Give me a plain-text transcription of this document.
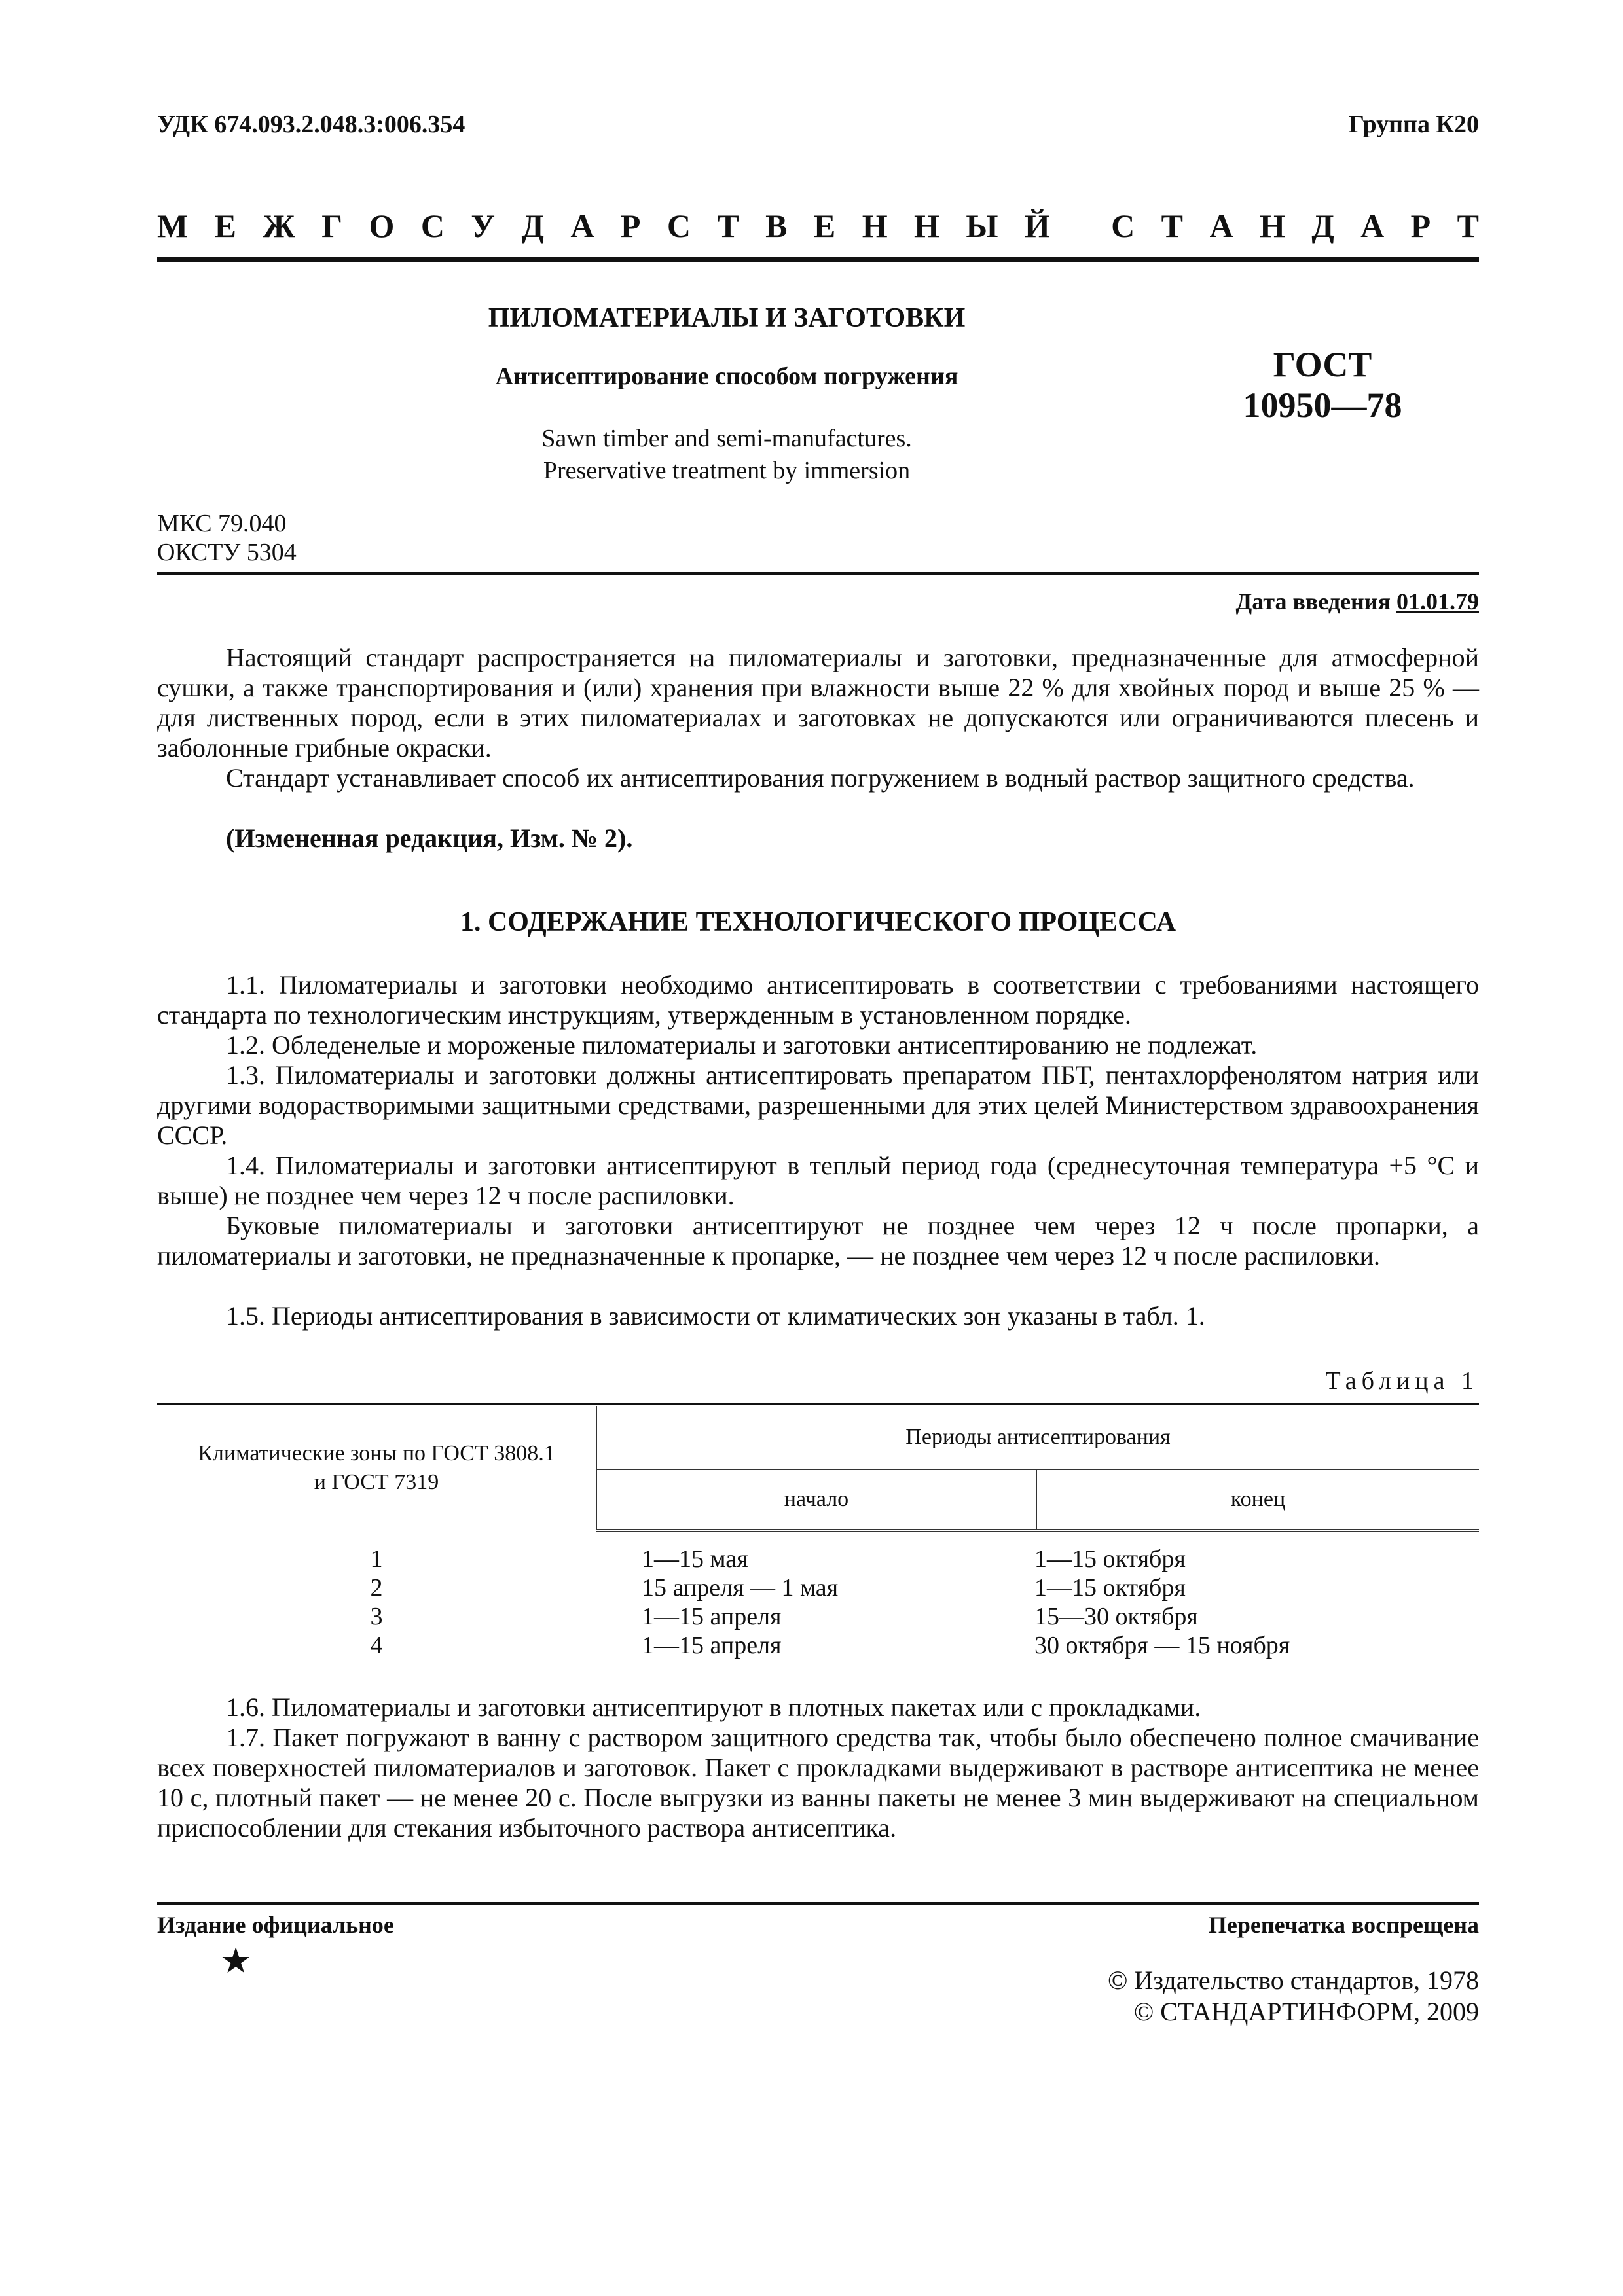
УДК 674.093.2.048.3:006.354	Группа К20
М Е Ж Г О С У Д А Р С Т В Е Н Н Ы Й
С Т А Н Д А Р Т
ПИЛОМАТЕРИАЛЫ И ЗАГОТОВКИ
Антисептирование способом погружения
Sawn timber and semi-manufactures.
Preservative treatment by immersion
ГОСТ
10950—78
МКС 79.040
ОКСТУ 5304
Дата введения 01.01.79

Настоящий стандарт распространяется на пиломатериалы и заготовки, предназначенные для атмосферной сушки, а также транспортирования и (или) хранения при влажности выше 22 % для хвойных пород и выше 25 % — для лиственных пород, если в этих пиломатериалах и заготовках не допускаются или ограничиваются плесень и заболонные грибные окраски.

Стандарт устанавливает способ их антисептирования погружением в водный раствор защитного средства.

(Измененная редакция, Изм. № 2).

1. СОДЕРЖАНИЕ ТЕХНОЛОГИЧЕСКОГО ПРОЦЕССА

1.1. Пиломатериалы и заготовки необходимо антисептировать в соответствии с требованиями настоящего стандарта по технологическим инструкциям, утвержденным в установленном порядке.

1.2. Обледенелые и мороженые пиломатериалы и заготовки антисептированию не подлежат.

1.3. Пиломатериалы и заготовки должны антисептировать препаратом ПБТ, пентахлорфенолятом натрия или другими водорастворимыми защитными средствами, разрешенными для этих целей Министерством здравоохранения СССР.

1.4. Пиломатериалы и заготовки антисептируют в теплый период года (среднесуточная температура +5 °С и выше) не позднее чем через 12 ч после распиловки.

Буковые пиломатериалы и заготовки антисептируют не позднее чем через 12 ч после пропарки, а пиломатериалы и заготовки, не предназначенные к пропарке, — не позднее чем через 12 ч после распиловки.

1.5. Периоды антисептирования в зависимости от климатических зон указаны в табл. 1.

Таблица 1
Климатические зоны по ГОСТ 3808.1
и ГОСТ 7319	Периоды антисептирования	
	начало	конец
1	1—15 мая	1—15 октября
2	15 апреля — 1 мая	1—15 октября
3	1—15 апреля	15—30 октября
4	1—15 апреля	30 октября — 15 ноября

1.6. Пиломатериалы и заготовки антисептируют в плотных пакетах или с прокладками.

1.7. Пакет погружают в ванну с раствором защитного средства так, чтобы было обеспечено полное смачивание всех поверхностей пиломатериалов и заготовок. Пакет с прокладками выдерживают в растворе антисептика не менее 10 с, плотный пакет — не менее 20 с. После выгрузки из ванны пакеты не менее 3 мин выдерживают на специальном приспособлении для стекания избыточного раствора антисептика.

Издание официальное	Перепечатка воспрещена
★	© Издательство стандартов, 1978
© СТАНДАРТИНФОРМ, 2009
